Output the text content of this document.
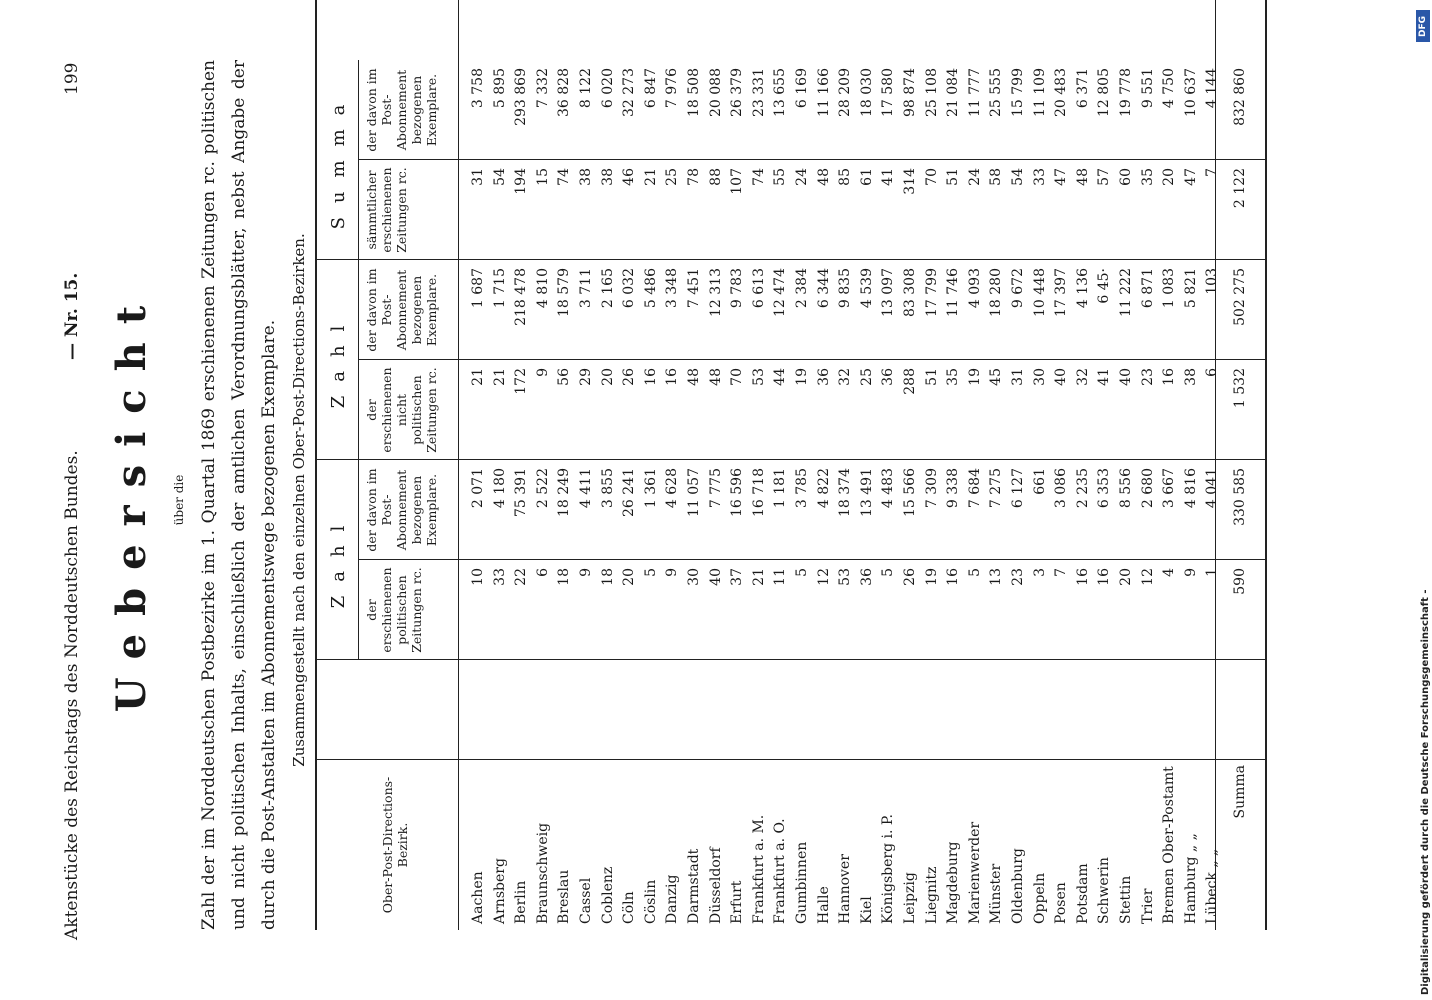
Aktenstücke des Reichstags des Norddeutschen Bundes.
— Nr. 15.
199
Uebersicht über die Zahl der im Norddeutschen Postbezirke im 1. Quartal 1869 erschienenen Zeitungen rc. politischen und nicht politischen Inhalts, einschließlich der amtlichen Verordnungsblätter, nebst Angabe der durch die Post-Anstalten im Abonnementswege bezogenen Exemplare. Zusammengestellt nach den einzelnen Ober-Post-Directions-Bezirken.
Ober-Post-Directions-Bezirk.
Zahl
Zahl
Summa
der erschienenen politischen Zeitungen rc.
der davon im Post-Abonnement bezogenen Exemplare.
der erschienenen nicht politischen Zeitungen rc.
der davon im Post-Abonnement bezogenen Exemplare.
sämmtlicher erschienenen Zeitungen rc.
der davon im Post-Abonnement bezogenen Exemplare.
Aachen
10
2 071
21
1 687
31
3 758
Arnsberg
33
4 180
21
1 715
54
5 895
Berlin
22
75 391
172
218 478
194
293 869
Braunschweig
6
2 522
9
4 810
15
7 332
Breslau
18
18 249
56
18 579
74
36 828
Cassel
9
4 411
29
3 711
38
8 122
Coblenz
18
3 855
20
2 165
38
6 020
Cöln
20
26 241
26
6 032
46
32 273
Cöslin
5
1 361
16
5 486
21
6 847
Danzig
9
4 628
16
3 348
25
7 976
Darmstadt
30
11 057
48
7 451
78
18 508
Düsseldorf
40
7 775
48
12 313
88
20 088
Erfurt
37
16 596
70
9 783
107
26 379
Frankfurt a. M.
21
16 718
53
6 613
74
23 331
Frankfurt a. O.
11
1 181
44
12 474
55
13 655
Gumbinnen
5
3 785
19
2 384
24
6 169
Halle
12
4 822
36
6 344
48
11 166
Hannover
53
18 374
32
9 835
85
28 209
Kiel
36
13 491
25
4 539
61
18 030
Königsberg i. P.
5
4 483
36
13 097
41
17 580
Leipzig
26
15 566
288
83 308
314
98 874
Liegnitz
19
7 309
51
17 799
70
25 108
Magdeburg
16
9 338
35
11 746
51
21 084
Marienwerder
5
7 684
19
4 093
24
11 777
Münster
13
7 275
45
18 280
58
25 555
Oldenburg
23
6 127
31
9 672
54
15 799
Oppeln
3
661
30
10 448
33
11 109
Posen
7
3 086
40
17 397
47
20 483
Potsdam
16
2 235
32
4 136
48
6 371
Schwerin
16
6 353
41
6 45·
57
12 805
Stettin
20
8 556
40
11 222
60
19 778
Trier
12
2 680
23
6 871
35
9 551
Bremen Ober-Postamt
4
3 667
16
1 083
20
4 750
Hamburg „ „
9
4 816
38
5 821
47
10 637
Lübeck „ „
1
4 041
6
103
7
4 144
Summa
590
330 585
1 532
502 275
2 122
832 860
DFG
Digitalisierung gefördert durch die Deutsche Forschungsgemeinschaft -
